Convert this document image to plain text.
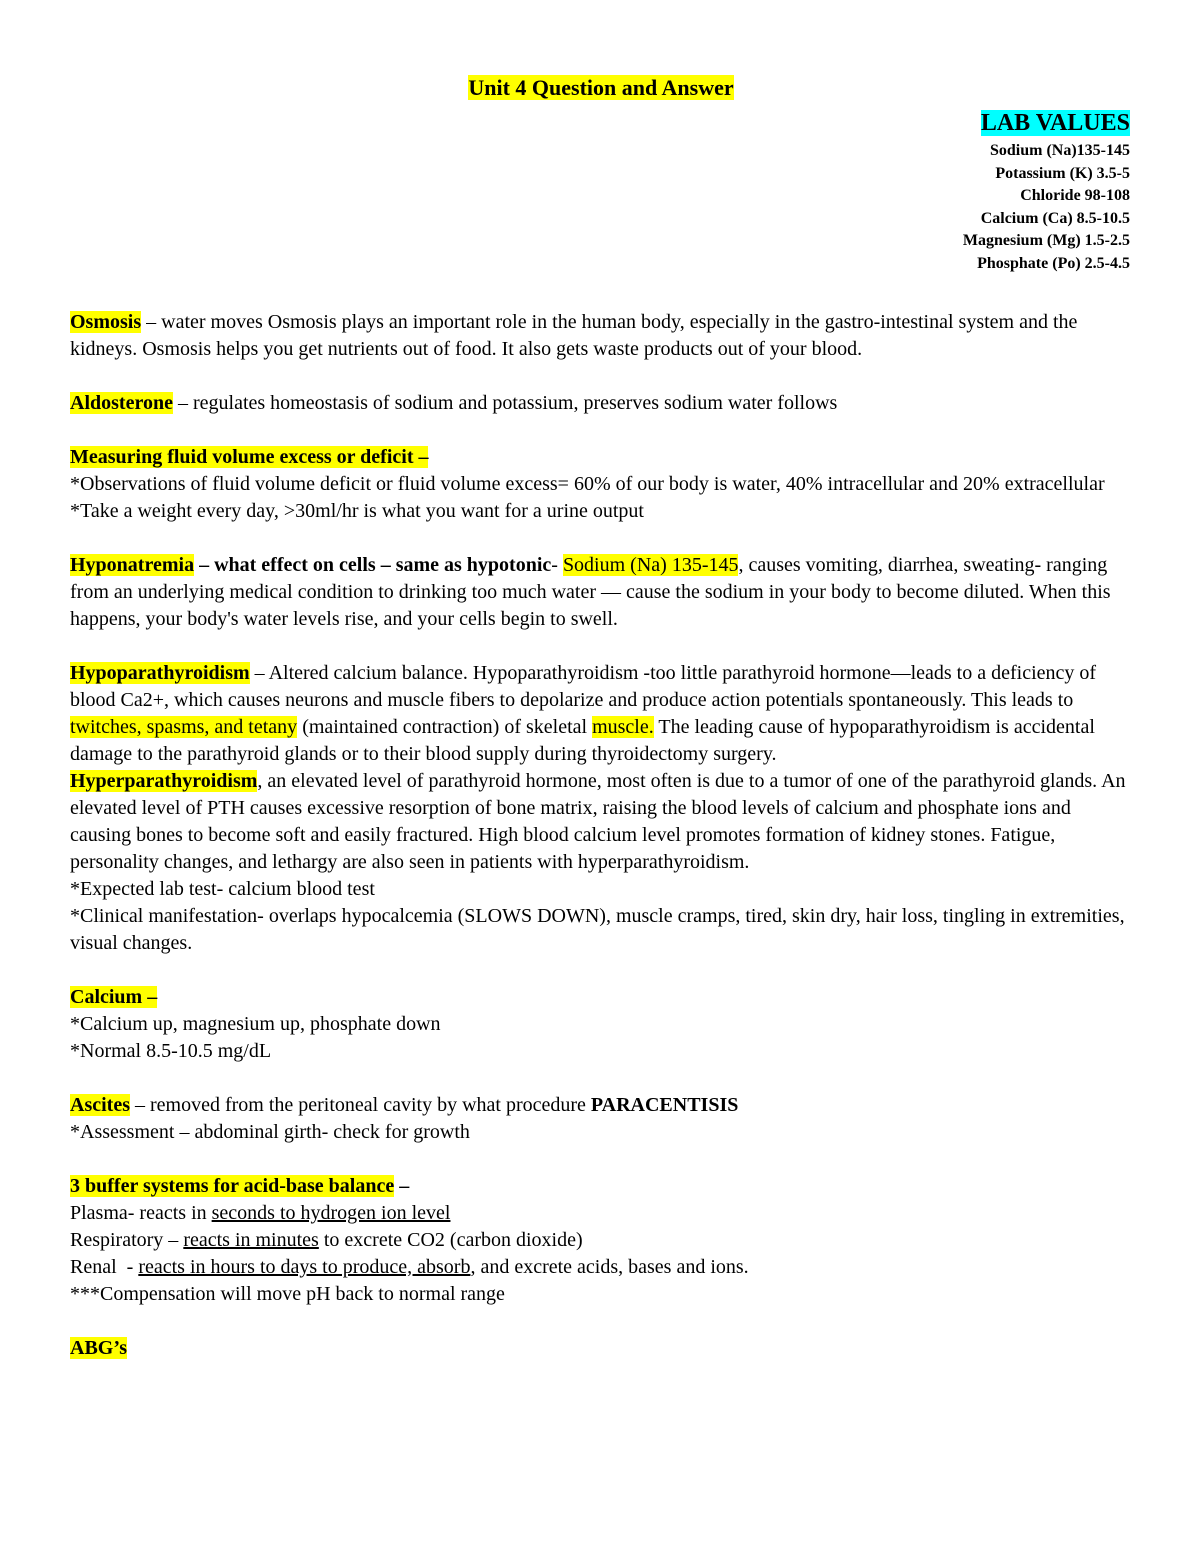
Unit 4 Question and Answer
LAB VALUES
Sodium (Na)135-145
Potassium (K) 3.5-5
Chloride 98-108
Calcium (Ca) 8.5-10.5
Magnesium (Mg) 1.5-2.5
Phosphate (Po) 2.5-4.5

Osmosis – water moves Osmosis plays an important role in the human body, especially in the gastro-intestinal system and the kidneys. Osmosis helps you get nutrients out of food. It also gets waste products out of your blood.

Aldosterone – regulates homeostasis of sodium and potassium, preserves sodium water follows

Measuring fluid volume excess or deficit –

*Observations of fluid volume deficit or fluid volume excess= 60% of our body is water, 40% intracellular and 20% extracellular

*Take a weight every day, >30ml/hr is what you want for a urine output

Hyponatremia – what effect on cells – same as hypotonic- Sodium (Na) 135-145, causes vomiting, diarrhea, sweating- ranging from an underlying medical condition to drinking too much water — cause the sodium in your body to become diluted. When this happens, your body's water levels rise, and your cells begin to swell.

Hypoparathyroidism – Altered calcium balance. Hypoparathyroidism -too little parathyroid hormone—leads to a deficiency of blood Ca2+, which causes neurons and muscle fibers to depolarize and produce action potentials spontaneously. This leads to twitches, spasms, and tetany (maintained contraction) of skeletal muscle. The leading cause of hypoparathyroidism is accidental damage to the parathyroid glands or to their blood supply during thyroidectomy surgery.

Hyperparathyroidism, an elevated level of parathyroid hormone, most often is due to a tumor of one of the parathyroid glands. An elevated level of PTH causes excessive resorption of bone matrix, raising the blood levels of calcium and phosphate ions and causing bones to become soft and easily fractured. High blood calcium level promotes formation of kidney stones. Fatigue, personality changes, and lethargy are also seen in patients with hyperparathyroidism.

*Expected lab test- calcium blood test

*Clinical manifestation- overlaps hypocalcemia (SLOWS DOWN), muscle cramps, tired, skin dry, hair loss, tingling in extremities, visual changes.

Calcium –

*Calcium up, magnesium up, phosphate down

*Normal 8.5-10.5 mg/dL

Ascites – removed from the peritoneal cavity by what procedure PARACENTISIS

*Assessment – abdominal girth- check for growth

3 buffer systems for acid-base balance –

Plasma- reacts in seconds to hydrogen ion level

Respiratory – reacts in minutes to excrete CO2 (carbon dioxide)

Renal  - reacts in hours to days to produce, absorb, and excrete acids, bases and ions.

***Compensation will move pH back to normal range

ABG’s
